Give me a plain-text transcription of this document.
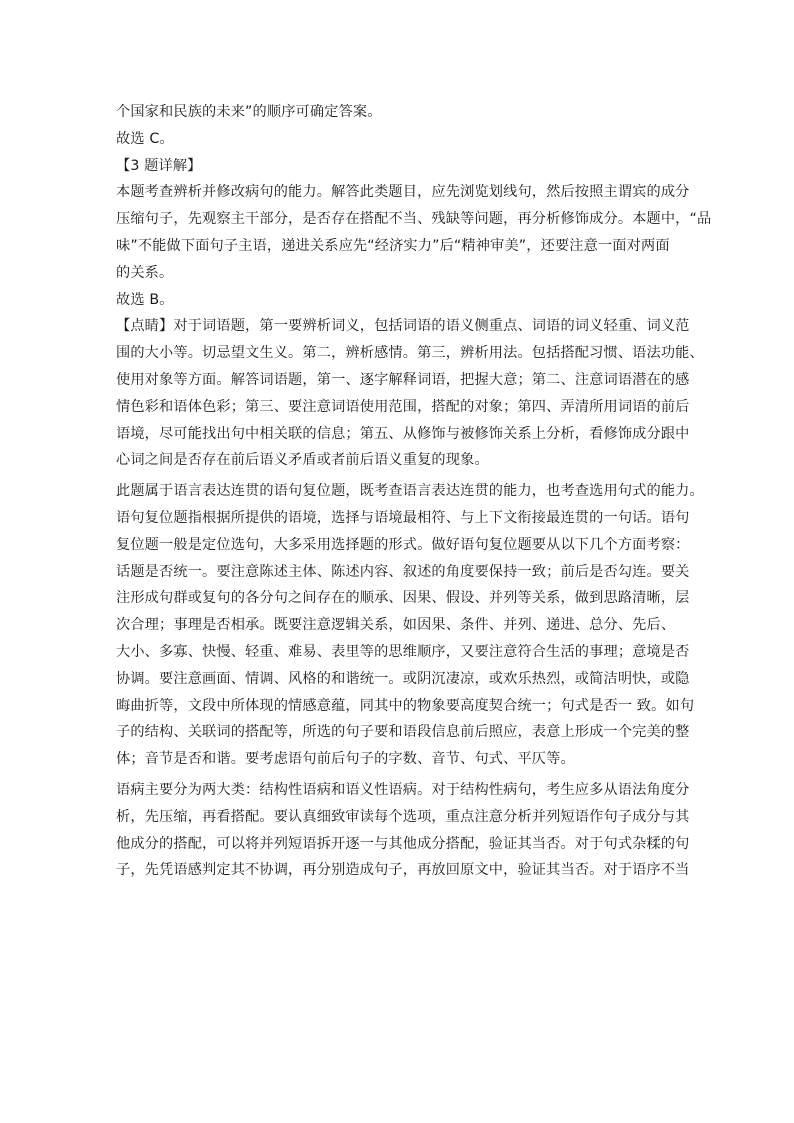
个国家和民族的未来”的顺序可确定答案。
故选 C。
【3 题详解】
本题考查辨析并修改病句的能力。解答此类题目，应先浏览划线句，然后按照主谓宾的成分
压缩句子，先观察主干部分，是否存在搭配不当、残缺等问题，再分析修饰成分。本题中，“品
味”不能做下面句子主语，递进关系应先“经济实力”后“精神审美”，还要注意一面对两面
的关系。
故选 B。
【点睛】对于词语题，第一要辨析词义，包括词语的语义侧重点、词语的词义轻重、词义范
围的大小等。切忌望文生义。第二，辨析感情。第三，辨析用法。包括搭配习惯、语法功能、
使用对象等方面。解答词语题，第一、逐字解释词语，把握大意；第二、注意词语潜在的感
情色彩和语体色彩；第三、要注意词语使用范围，搭配的对象；第四、弄清所用词语的前后
语境，尽可能找出句中相关联的信息；第五、从修饰与被修饰关系上分析，看修饰成分跟中
心词之间是否存在前后语义矛盾或者前后语义重复的现象。
此题属于语言表达连贯的语句复位题，既考查语言表达连贯的能力，也考查选用句式的能力。
语句复位题指根据所提供的语境，选择与语境最相符、与上下文衔接最连贯的一句话。语句
复位题一般是定位选句，大多采用选择题的形式。做好语句复位题要从以下几个方面考察：
话题是否统一。要注意陈述主体、陈述内容、叙述的角度要保持一致；前后是否勾连。要关
注形成句群或复句的各分句之间存在的顺承、因果、假设、并列等关系，做到思路清晰，层
次合理；事理是否相承。既要注意逻辑关系，如因果、条件、并列、递进、总分、先后、
大小、多寡、快慢、轻重、难易、表里等的思维顺序，又要注意符合生活的事理；意境是否
协调。要注意画面、情调、风格的和谐统一。或阴沉凄凉，或欢乐热烈，或简洁明快，或隐
晦曲折等，文段中所体现的情感意蕴，同其中的物象要高度契合统一；句式是否一 致。如句
子的结构、关联词的搭配等，所选的句子要和语段信息前后照应，表意上形成一个完美的整
体；音节是否和谐。要考虑语句前后句子的字数、音节、句式、平仄等。
语病主要分为两大类：结构性语病和语义性语病。对于结构性病句，考生应多从语法角度分
析，先压缩，再看搭配。要认真细致审读每个选项，重点注意分析并列短语作句子成分与其
他成分的搭配，可以将并列短语拆开逐一与其他成分搭配，验证其当否。对于句式杂糅的句
子，先凭语感判定其不协调，再分别造成句子，再放回原文中，验证其当否。对于语序不当
